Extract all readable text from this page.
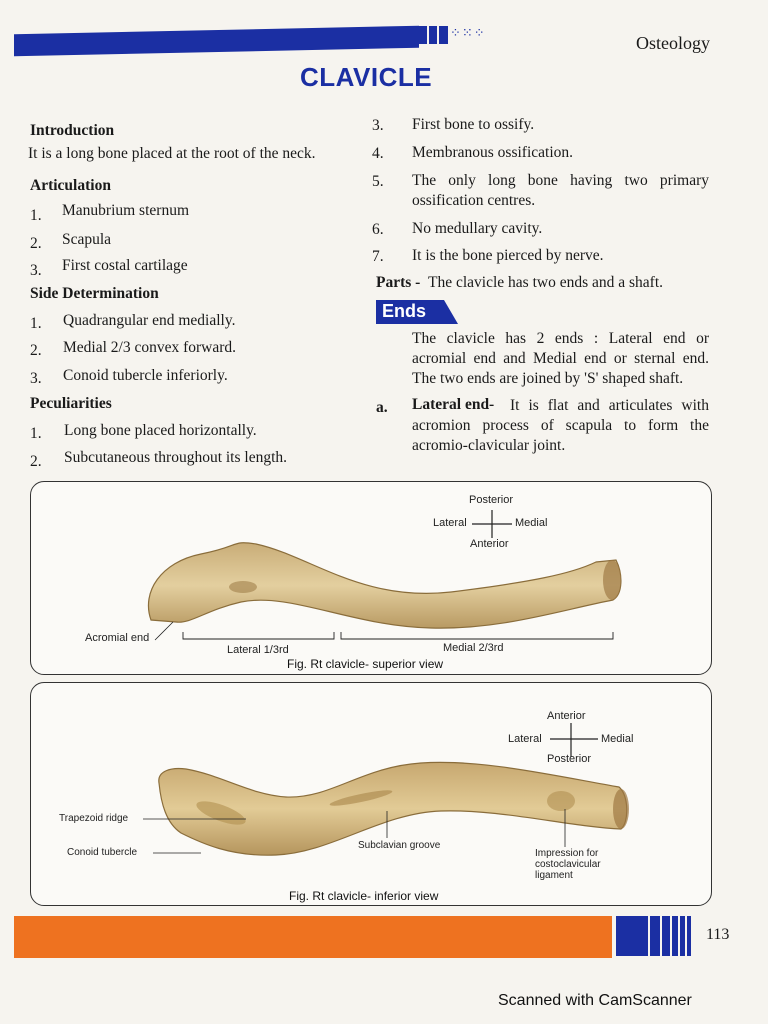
⁘⁙⁘	Osteology
CLAVICLE
Introduction
It is a long bone placed at the root of the neck.
Articulation
1. Manubrium sternum
2. Scapula
3. First costal cartilage
Side Determination
1. Quadrangular end medially.
2. Medial 2/3 convex forward.
3. Conoid tubercle inferiorly.
Peculiarities
1. Long bone placed horizontally.
2. Subcutaneous throughout its length.
3. First bone to ossify.
4. Membranous ossification.
5. The only long bone having two primary ossification centres.
6. No medullary cavity.
7. It is the bone pierced by nerve.
Parts - The clavicle has two ends and a shaft.
Ends
The clavicle has 2 ends : Lateral end or acromial end and Medial end or sternal end. The two ends are joined by 'S' shaped shaft.
a.	It is flat and articulates with acromion process of scapula to form the acromio-clavicular joint.
Lateral end-
Posterior
Lateral	Medial
Anterior
Acromial end
Lateral 1/3rd	Medial 2/3rd
Fig. Rt clavicle- superior view
Anterior
Lateral	Medial
Posterior
Trapezoid ridge
Conoid tubercle
Subclavian groove
Impression for costoclavicular ligament
Fig. Rt clavicle- inferior view
113
Scanned with CamScanner
